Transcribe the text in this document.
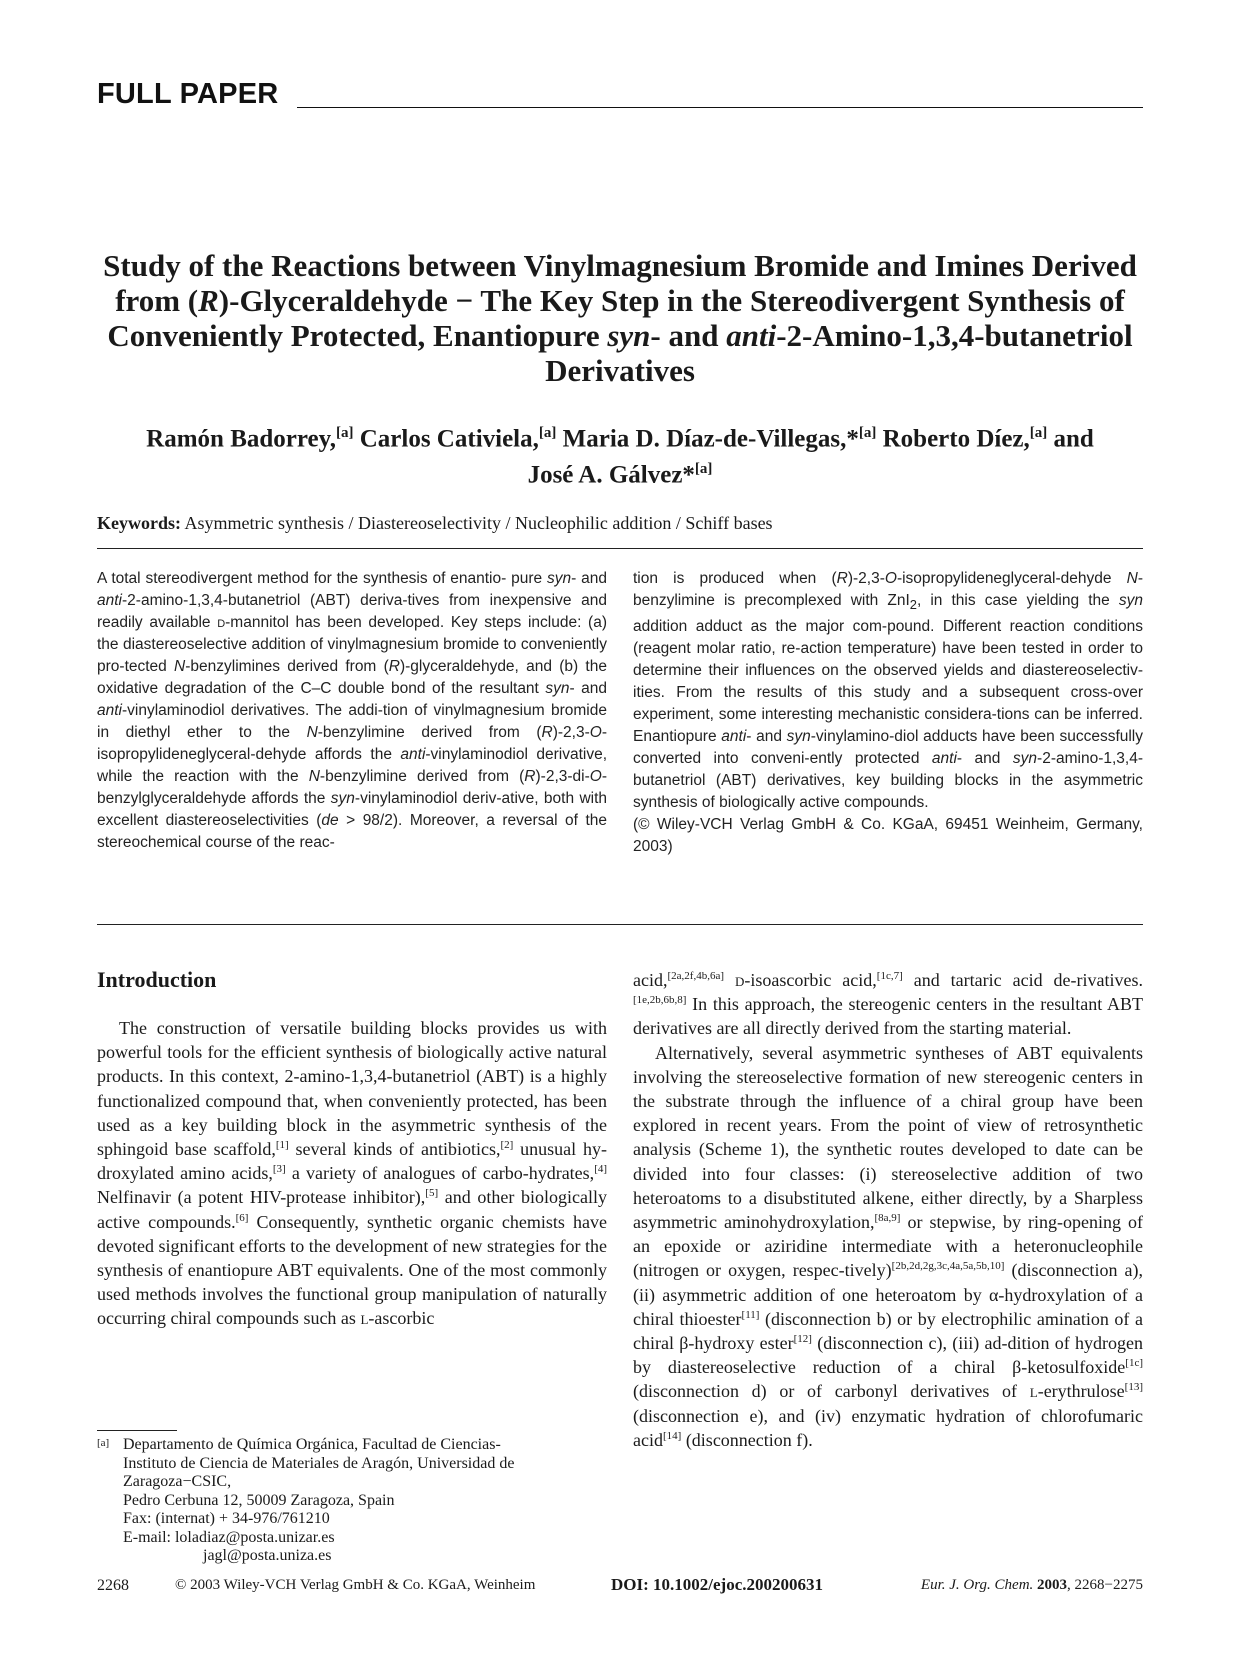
FULL PAPER
Study of the Reactions between Vinylmagnesium Bromide and Imines Derived
from (R)-Glyceraldehyde − The Key Step in the Stereodivergent Synthesis of
Conveniently Protected, Enantiopure syn- and anti-2-Amino-1,3,4-butanetriol
Derivatives
Ramón Badorrey,[a] Carlos Cativiela,[a] Maria D. Díaz-de-Villegas,*[a] Roberto Díez,[a] and
José A. Gálvez*[a]
Keywords: Asymmetric synthesis / Diastereoselectivity / Nucleophilic addition / Schiff bases

A total stereodivergent method for the synthesis of enantio- pure syn- and anti-2-amino-1,3,4-butanetriol (ABT) deriva-tives from inexpensive and readily available d-mannitol has been developed. Key steps include: (a) the diastereoselective addition of vinylmagnesium bromide to conveniently pro-tected N-benzylimines derived from (R)-glyceraldehyde, and (b) the oxidative degradation of the C–C double bond of the resultant syn- and anti-vinylaminodiol derivatives. The addi-tion of vinylmagnesium bromide in diethyl ether to the N-benzylimine derived from (R)-2,3-O-isopropylideneglyceral-dehyde affords the anti-vinylaminodiol derivative, while the reaction with the N-benzylimine derived from (R)-2,3-di-O-benzylglyceraldehyde affords the syn-vinylaminodiol deriv-ative, both with excellent diastereoselectivities (de > 98/2). Moreover, a reversal of the stereochemical course of the reac-

tion is produced when (R)-2,3-O-isopropylideneglyceral-dehyde N-benzylimine is precomplexed with ZnI$_2$, in this case yielding the syn addition adduct as the major com-pound. Different reaction conditions (reagent molar ratio, re-action temperature) have been tested in order to determine their influences on the observed yields and diastereoselectiv-ities. From the results of this study and a subsequent cross-over experiment, some interesting mechanistic considera-tions can be inferred. Enantiopure anti- and syn-vinylamino-diol adducts have been successfully converted into conveni-ently protected anti- and syn-2-amino-1,3,4-butanetriol (ABT) derivatives, key building blocks in the asymmetric synthesis of biologically active compounds.

(© Wiley-VCH Verlag GmbH & Co. KGaA, 69451 Weinheim, Germany, 2003)

Introduction

The construction of versatile building blocks provides us with powerful tools for the efficient synthesis of biologically active natural products. In this context, 2-amino-1,3,4-butanetriol (ABT) is a highly functionalized compound that, when conveniently protected, has been used as a key building block in the asymmetric synthesis of the sphingoid base scaffold,[1] several kinds of antibiotics,[2] unusual hy-droxylated amino acids,[3] a variety of analogues of carbo-hydrates,[4] Nelfinavir (a potent HIV-protease inhibitor),[5] and other biologically active compounds.[6] Consequently, synthetic organic chemists have devoted significant efforts to the development of new strategies for the synthesis of enantiopure ABT equivalents. One of the most commonly used methods involves the functional group manipulation of naturally occurring chiral compounds such as l-ascorbic

acid,[2a,2f,4b,6a] d-isoascorbic acid,[1c,7] and tartaric acid de-rivatives.[1e,2b,6b,8] In this approach, the stereogenic centers in the resultant ABT derivatives are all directly derived from the starting material.

Alternatively, several asymmetric syntheses of ABT equivalents involving the stereoselective formation of new stereogenic centers in the substrate through the influence of a chiral group have been explored in recent years. From the point of view of retrosynthetic analysis (Scheme 1), the synthetic routes developed to date can be divided into four classes: (i) stereoselective addition of two heteroatoms to a disubstituted alkene, either directly, by a Sharpless asymmetric aminohydroxylation,[8a,9] or stepwise, by ring-opening of an epoxide or aziridine intermediate with a heteronucleophile (nitrogen or oxygen, respec-tively)[2b,2d,2g,3c,4a,5a,5b,10] (disconnection a), (ii) asymmetric addition of one heteroatom by α-hydroxylation of a chiral thioester[11] (disconnection b) or by electrophilic amination of a chiral β-hydroxy ester[12] (disconnection c), (iii) ad-dition of hydrogen by diastereoselective reduction of a chiral β-ketosulfoxide[1c] (disconnection d) or of carbonyl derivatives of l-erythrulose[13] (disconnection e), and (iv) enzymatic hydration of chlorofumaric acid[14] (disconnection f).

[a] Departamento de Química Orgánica, Facultad de Ciencias-
Instituto de Ciencia de Materiales de Aragón, Universidad de
Zaragoza−CSIC,
Pedro Cerbuna 12, 50009 Zaragoza, Spain
Fax: (internat) + 34-976/761210
E-mail: loladiaz@posta.unizar.es
jagl@posta.uniza.es
2268	© 2003 Wiley-VCH Verlag GmbH & Co. KGaA, Weinheim	DOI: 10.1002/ejoc.200200631	Eur. J. Org. Chem. 2003, 2268−2275
